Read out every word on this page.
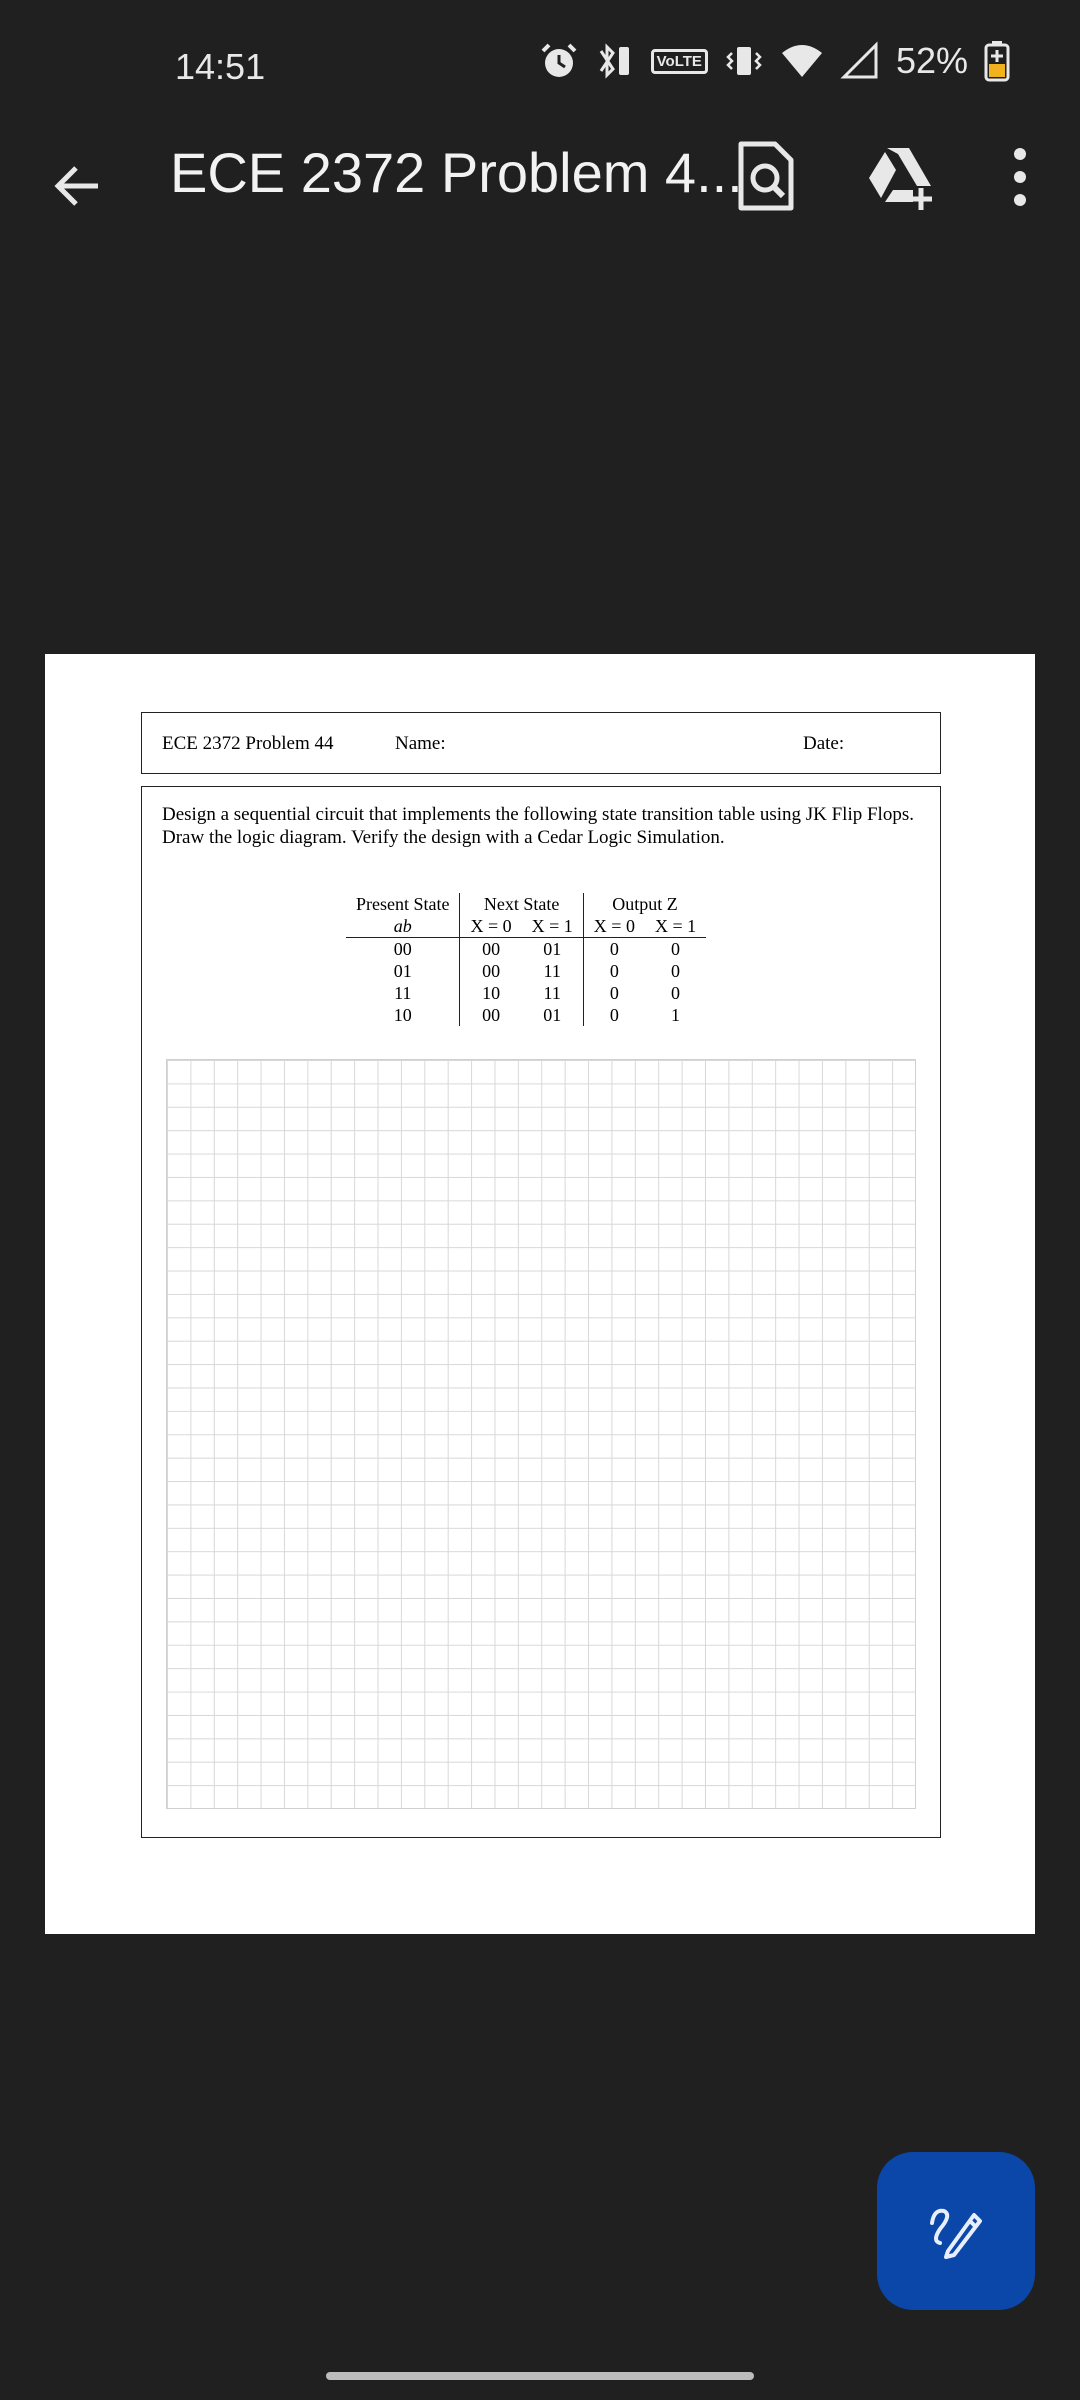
14:51	Vo LTE	52%
ECE 2372 Problem 4...
ECE 2372 Problem 44	Name:	Date:
Design a sequential circuit that implements the following state transition table using JK Flip Flops. Draw the logic diagram. Verify the design with a Cedar Logic Simulation.
Present State	Next State		Output Z	
ab	X = 0	X = 1	X = 0	X = 1
00	00	01	0	0
01	00	11	0	0
11	10	11	0	0
10	00	01	0	1
